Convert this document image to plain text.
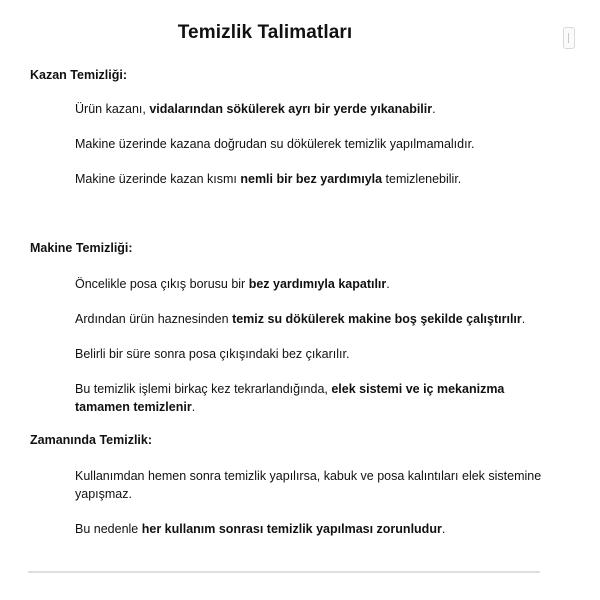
Temizlik Talimatları
Kazan Temizliği:
Ürün kazanı, vidalarından sökülerek ayrı bir yerde yıkanabilir.
Makine üzerinde kazana doğrudan su dökülerek temizlik yapılmamalıdır.
Makine üzerinde kazan kısmı nemli bir bez yardımıyla temizlenebilir.
Makine Temizliği:
Öncelikle posa çıkış borusu bir bez yardımıyla kapatılır.
Ardından ürün haznesinden temiz su dökülerek makine boş şekilde çalıştırılır.
Belirli bir süre sonra posa çıkışındaki bez çıkarılır.
Bu temizlik işlemi birkaç kez tekrarlandığında, elek sistemi ve iç mekanizma tamamen temizlenir.
Zamanında Temizlik:
Kullanımdan hemen sonra temizlik yapılırsa, kabuk ve posa kalıntıları elek sistemine yapışmaz.
Bu nedenle her kullanım sonrası temizlik yapılması zorunludur.
